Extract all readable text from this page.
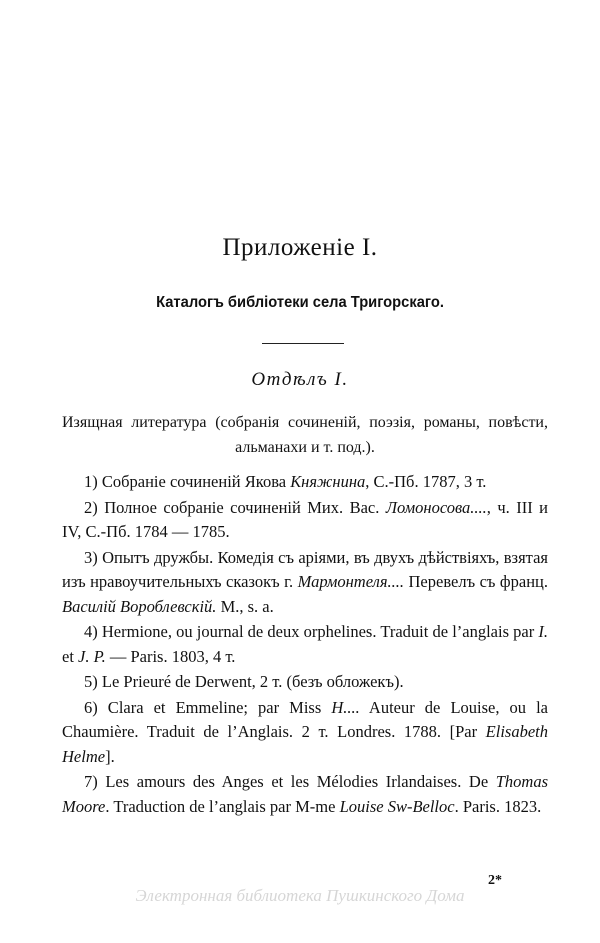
Приложенiе I.
Каталогъ библiотеки села Тригорскаго.
Отдѣлъ I.
Изящная литература (собранiя сочиненiй, поэзiя, романы, повѣсти, альманахи и т. под.).

1) Собранiе сочиненiй Якова Княжнина, С.-Пб. 1787, 3 т.

2) Полное собранiе сочиненiй Мих. Вас. Ломоносова...., ч. III и IV, С.-Пб. 1784 — 1785.

3) Опытъ дружбы. Комедiя съ арiями, въ двухъ дѣйствiяхъ, взятая изъ нравоучительныхъ сказокъ г. Мармонтеля.... Перевелъ съ франц. Василiй Вороблевскiй. М., s. a.

4) Hermione, ou journal de deux orphelines. Traduit de l’anglais par I. et J. P. — Paris. 1803, 4 т.

5) Le Prieuré de Derwent, 2 т. (безъ обложекъ).

6) Clara et Emmeline; par Miss H.... Auteur de Louise, ou la Chaumière. Traduit de l’Anglais. 2 т. Londres. 1788. [Par Elisabeth Helme].

7) Les amours des Anges et les Mélodies Irlandaises. De Thomas Moore. Traduction de l’anglais par M-me Louise Sw-Belloc. Paris. 1823.

2*
Электронная библиотека Пушкинского Дома
